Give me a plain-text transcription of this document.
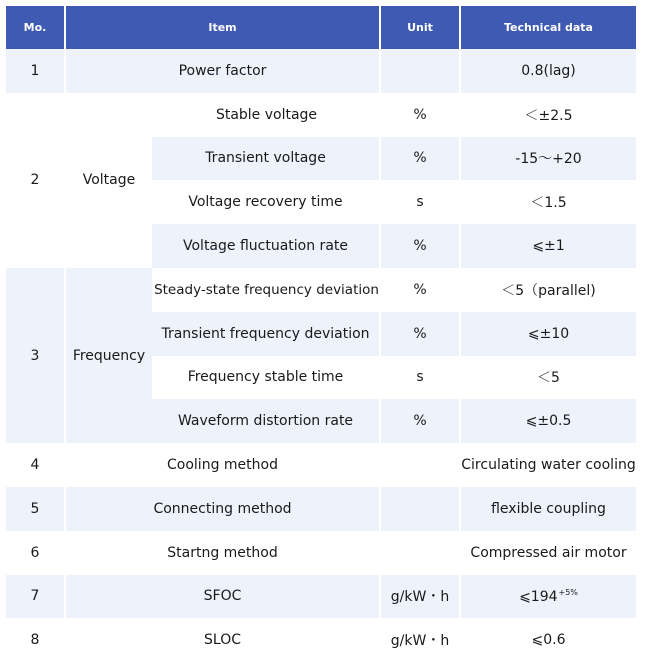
Mo.	Item		Unit	Technical data
1	Power factor			0.8(lag)
2	Voltage	Stable voltage	%	＜±2.5
		Transient voltage	%	-15～+20
		Voltage recovery time	s	＜1.5
		Voltage fluctuation rate	%	⩽±1
3	Frequency	Steady-state frequency deviation	%	＜5（parallel)
		Transient frequency deviation	%	⩽±10
		Frequency stable time	s	＜5
		Waveform distortion rate	%	⩽±0.5
4	Cooling method			Circulating water cooling
5	Connecting method			flexible coupling
6	Startng method			Compressed air motor
7	SFOC		g/kW・h	$⩽194^{+5\%}$
8	SLOC		g/kW・h	⩽0.6
